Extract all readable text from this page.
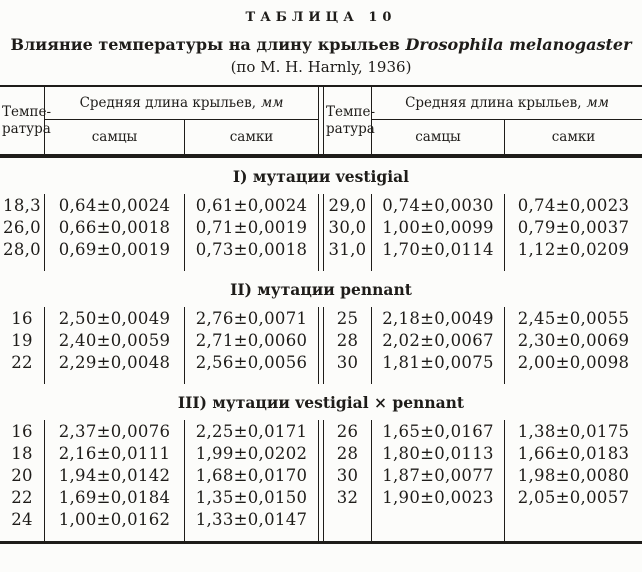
ТАБЛИЦА 10
Влияние температуры на длину крыльев Drosophila melanogaster
(по M. H. Harnly, 1936)
Темпе-
ратура
Средняя длина крыльев, мм
самцы	самки
Темпе-
ратура
Средняя длина крыльев, мм
самцы	самки
I) мутации vestigial
18,3	0,64±0,0024	0,61±0,0024	29,0 0,74±0,0030	0,74±0,0023
26,0	0,66±0,0018	0,71±0,0019	30,0 1,00±0,0099	0,79±0,0037
28,0	0,69±0,0019	0,73±0,0018	31,0 1,70±0,0114	1,12±0,0209
II) мутации pennant
16	2,50±0,0049	2,76±0,0071	25	2,18±0,0049	2,45±0,0055
19	2,40±0,0059	2,71±0,0060	28	2,02±0,0067	2,30±0,0069
22	2,29±0,0048	2,56±0,0056	30	1,81±0,0075	2,00±0,0098
III) мутации vestigial × pennant
16	2,37±0,0076	2,25±0,0171	26	1,65±0,0167	1,38±0,0175
18	2,16±0,0111	1,99±0,0202	28	1,80±0,0113	1,66±0,0183
20	1,94±0,0142	1,68±0,0170	30	1,87±0,0077	1,98±0,0080
22	1,69±0,0184	1,35±0,0150	32	1,90±0,0023	2,05±0,0057
24	1,00±0,0162	1,33±0,0147
